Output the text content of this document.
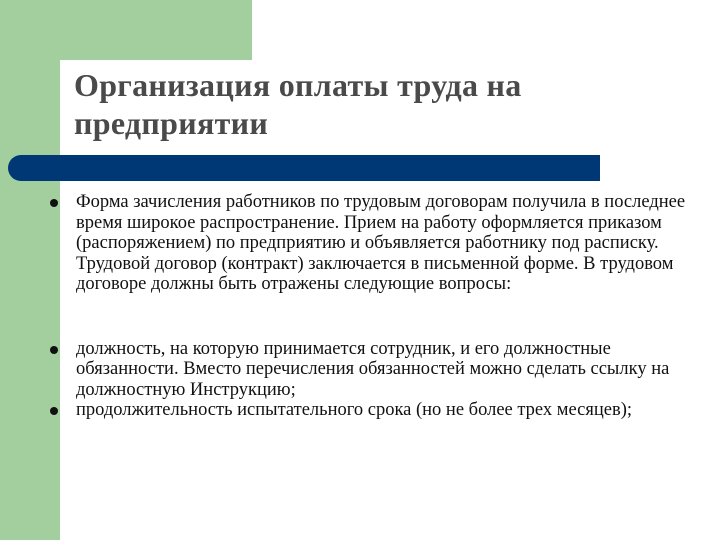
Организация оплаты труда на предприятии
Форма зачисления работников по трудовым договорам получила в последнее время широкое распространение. Прием на работу оформляется приказом (распоряжением) по предприятию и объявляется работнику под расписку. Трудовой договор (контракт) заключается в письменной форме. В трудовом договоре должны быть отражены следующие вопросы:
должность, на которую принимается сотрудник, и его должностные обязанности. Вместо перечисления обязанностей можно сделать ссылку на должностную Инструкцию;
продолжительность испытательного срока (но не более трех месяцев);
